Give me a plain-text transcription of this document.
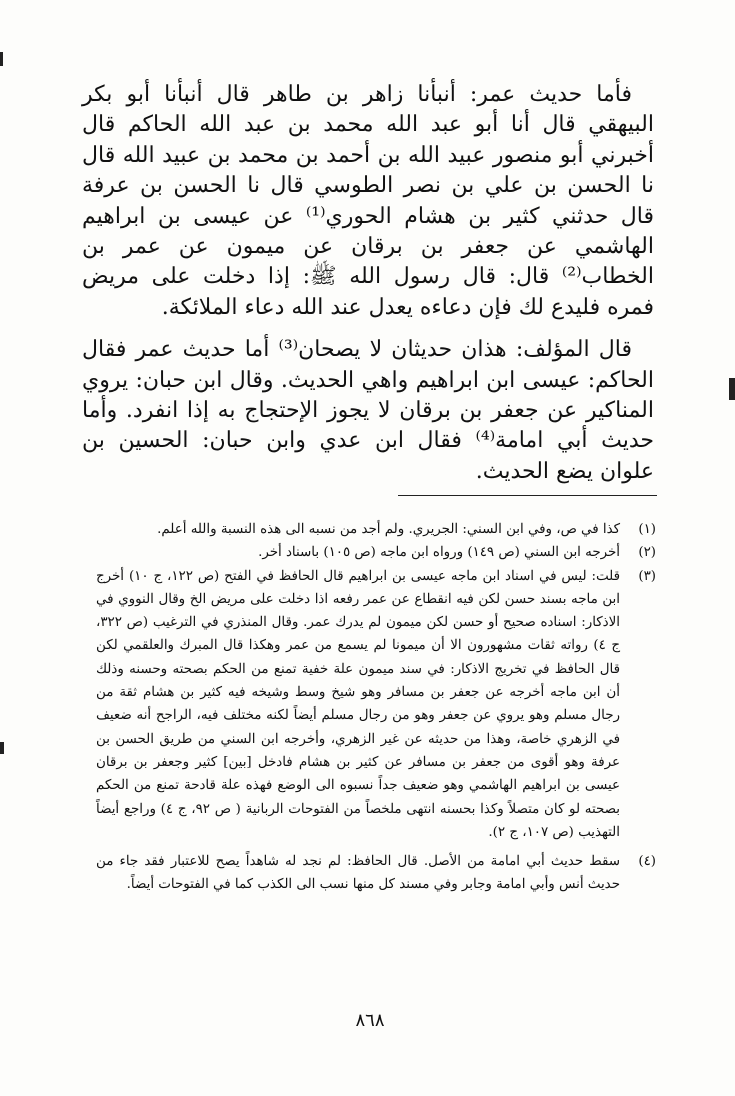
فأما حديث عمر: أنبأنا زاهر بن طاهر قال أنبأنا أبو بكر البيهقي قال أنا أبو عبد الله محمد بن عبد الله الحاكم قال أخبرني أبو منصور عبيد الله بن أحمد بن محمد بن عبيد الله قال نا الحسن بن علي بن نصر الطوسي قال نا الحسن بن عرفة قال حدثني كثير بن هشام الحوري⁽¹⁾ عن عيسى بن ابراهيم الهاشمي عن جعفر بن برقان عن ميمون عن عمر بن الخطاب⁽²⁾ قال: قال رسول الله ﷺ: إذا دخلت على مريض فمره فليدع لك فإن دعاءه يعدل عند الله دعاء الملائكة.

قال المؤلف: هذان حديثان لا يصحان⁽³⁾ أما حديث عمر فقال الحاكم: عيسى ابن ابراهيم واهي الحديث. وقال ابن حبان: يروي المناكير عن جعفر بن برقان لا يجوز الإحتجاج به إذا انفرد. وأما حديث أبي امامة⁽⁴⁾ فقال ابن عدي وابن حبان: الحسين بن علوان يضع الحديث.

(١)
كذا في ص، وفي ابن السني: الجريري. ولم أجد من نسبه الى هذه النسبة والله أعلم.
(٢)
أخرجه ابن السني (ص ١٤٩) ورواه ابن ماجه (ص ١٠٥) باسناد أخر.
(٣)
قلت: ليس في اسناد ابن ماجه عيسى بن ابراهيم قال الحافظ في الفتح (ص ١٢٢، ج ١٠) أخرج ابن ماجه بسند حسن لكن فيه انقطاع عن عمر رفعه اذا دخلت على مريض الخ وقال النووي في الاذكار: اسناده صحيح أو حسن لكن ميمون لم يدرك عمر. وقال المنذري في الترغيب (ص ٣٢٢، ج ٤) رواته ثقات مشهورون الا أن ميمونا لم يسمع من عمر وهكذا قال المبرك والعلقمي لكن قال الحافظ في تخريج الاذكار: في سند ميمون علة خفية تمنع من الحكم بصحته وحسنه وذلك أن ابن ماجه أخرجه عن جعفر بن مسافر وهو شيخ وسط وشيخه فيه كثير بن هشام ثقة من رجال مسلم وهو يروي عن جعفر وهو من رجال مسلم أيضاً لكنه مختلف فيه، الراجح أنه ضعيف في الزهري خاصة، وهذا من حديثه عن غير الزهري، وأخرجه ابن السني من طريق الحسن بن عرفة وهو أقوى من جعفر بن مسافر عن كثير بن هشام فادخل [بين] كثير وجعفر بن برقان عيسى بن ابراهيم الهاشمي وهو ضعيف جداً نسبوه الى الوضع فهذه علة قادحة تمنع من الحكم بصحته لو كان متصلاً وكذا بحسنه انتهى ملخصاً من الفتوحات الربانية ( ص ٩٢، ج ٤) وراجع أيضاً التهذيب (ص ١٠٧، ج ٢).
(٤)
سقط حديث أبي امامة من الأصل. قال الحافظ: لم نجد له شاهداً يصح للاعتبار فقد جاء من حديث أنس وأبي امامة وجابر وفي مسند كل منها نسب الى الكذب كما في الفتوحات أيضاً.
٨٦٨
